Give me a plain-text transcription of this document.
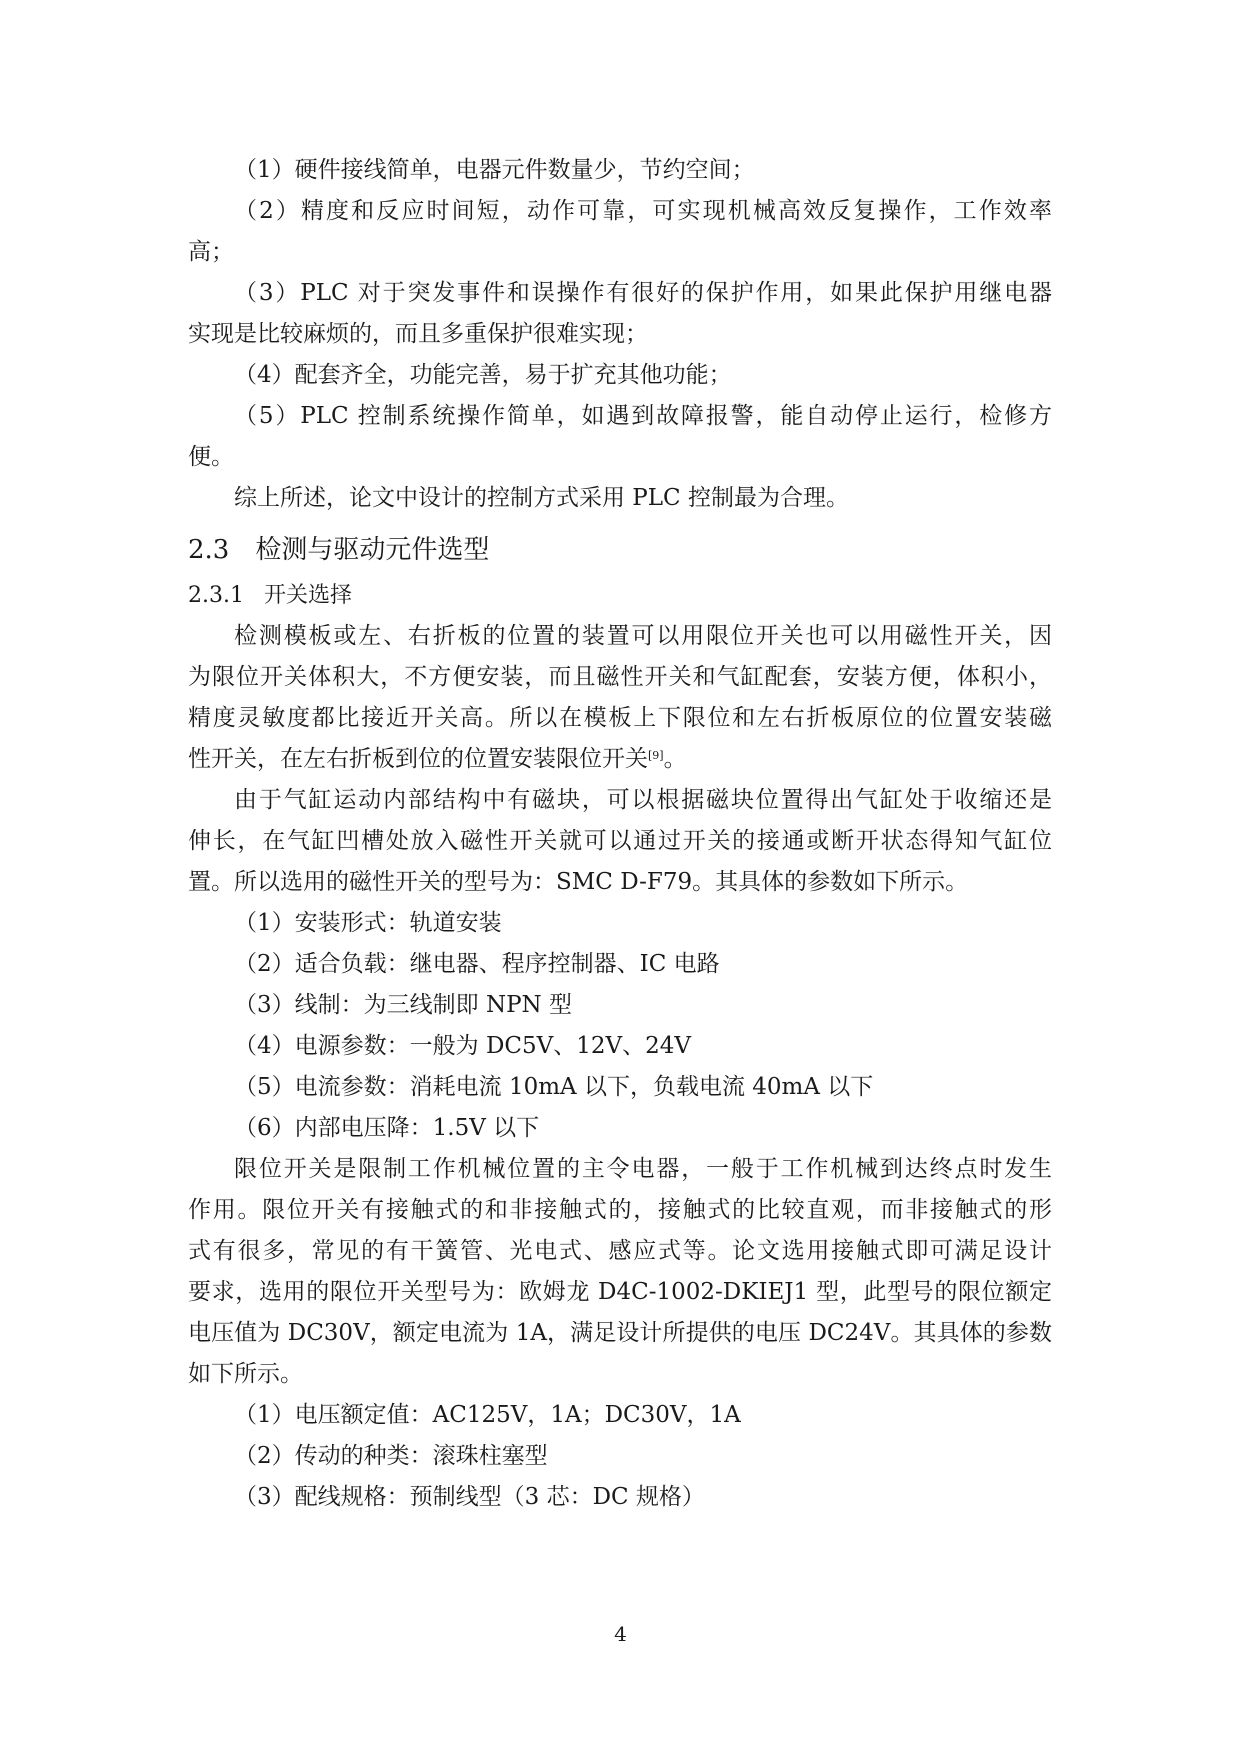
（1）硬件接线简单，电器元件数量少，节约空间；
（2）精度和反应时间短，动作可靠，可实现机械高效反复操作，工作效率
高；
（3）PLC 对于突发事件和误操作有很好的保护作用，如果此保护用继电器
实现是比较麻烦的，而且多重保护很难实现；
（4）配套齐全，功能完善，易于扩充其他功能；
（5）PLC 控制系统操作简单，如遇到故障报警，能自动停止运行，检修方
便。
综上所述，论文中设计的控制方式采用 PLC 控制最为合理。
2.3 检测与驱动元件选型
2.3.1 开关选择
检测模板或左、右折板的位置的装置可以用限位开关也可以用磁性开关，因
为限位开关体积大，不方便安装，而且磁性开关和气缸配套，安装方便，体积小，
精度灵敏度都比接近开关高。所以在模板上下限位和左右折板原位的位置安装磁
性开关，在左右折板到位的位置安装限位开关[9]。
由于气缸运动内部结构中有磁块，可以根据磁块位置得出气缸处于收缩还是
伸长，在气缸凹槽处放入磁性开关就可以通过开关的接通或断开状态得知气缸位
置。所以选用的磁性开关的型号为：SMC D-F79。其具体的参数如下所示。
（1）安装形式：轨道安装
（2）适合负载：继电器、程序控制器、IC 电路
（3）线制：为三线制即 NPN 型
（4）电源参数：一般为 DC5V、12V、24V
（5）电流参数：消耗电流 10mA 以下，负载电流 40mA 以下
（6）内部电压降：1.5V 以下
限位开关是限制工作机械位置的主令电器，一般于工作机械到达终点时发生
作用。限位开关有接触式的和非接触式的，接触式的比较直观，而非接触式的形
式有很多，常见的有干簧管、光电式、感应式等。论文选用接触式即可满足设计
要求，选用的限位开关型号为：欧姆龙 D4C-1002-DKIEJ1 型，此型号的限位额定
电压值为 DC30V，额定电流为 1A，满足设计所提供的电压 DC24V。其具体的参数
如下所示。
（1）电压额定值：AC125V，1A；DC30V，1A
（2）传动的种类：滚珠柱塞型
（3）配线规格：预制线型（3 芯：DC 规格）
4
